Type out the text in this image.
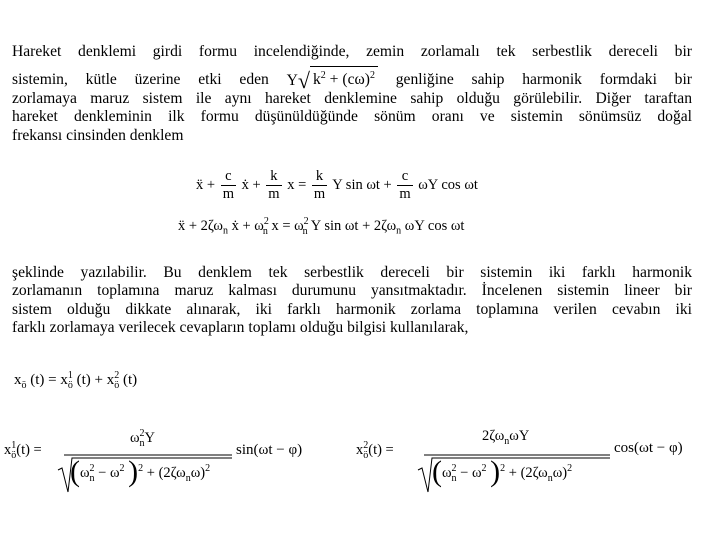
Hareket denklemi girdi formu incelendiğinde, zemin zorlamalı tek serbestlik dereceli bir
sistemin, kütle üzerine etki eden Y√ $k^2 + (c\omega)^2$ genliğine sahip harmonik formdaki bir
zorlamaya maruz sistem ile aynı hareket denklemine sahip olduğu görülebilir. Diğer taraftan
hareket denkleminin ilk formu düşünüldüğünde sönüm oranı ve sistemin sönümsüz doğal
frekansı cinsinden denklem
ẍ + $\frac{c}{m}$ ẋ + $\frac{k}{m}$ $x = \frac{k}{m}$ Y $\sin \omega t + \frac{c}{m}$ ωY cos ωt
ẍ + $2\zeta\omega_n$ ẋ + $\omega^2_n$ $x = \omega^2_n$ Y $\sin \omega t + 2\zeta\omega_n$ ωY cos ωt
şeklinde yazılabilir. Bu denklem tek serbestlik dereceli bir sistemin iki farklı harmonik
zorlamanın toplamına maruz kalması durumunu yansıtmaktadır. İncelenen sistemin lineer bir
sistem olduğu dikkate alınarak, iki farklı harmonik zorlama toplamına verilen cevabın iki
farklı zorlamaya verilecek cevapların toplamı olduğu bilgisi kullanılarak,
$x_ö$ $(t) = x^1_ö$ $(t) + x^2_ö$ (t)
$x^1_ö(t)$ =
$\omega^2_nY$
($\omega_n^2 - \omega^2$ )$^2 + (2\zeta\omega_n\omega)^2$
sin(ωt − φ)	$x^2_ö(t)$ =
$2\zeta\omega_n\omega Y$
($\omega_n^2 - \omega^2$ )$^2 + (2\zeta\omega_n\omega)^2$
cos(ωt − φ)
